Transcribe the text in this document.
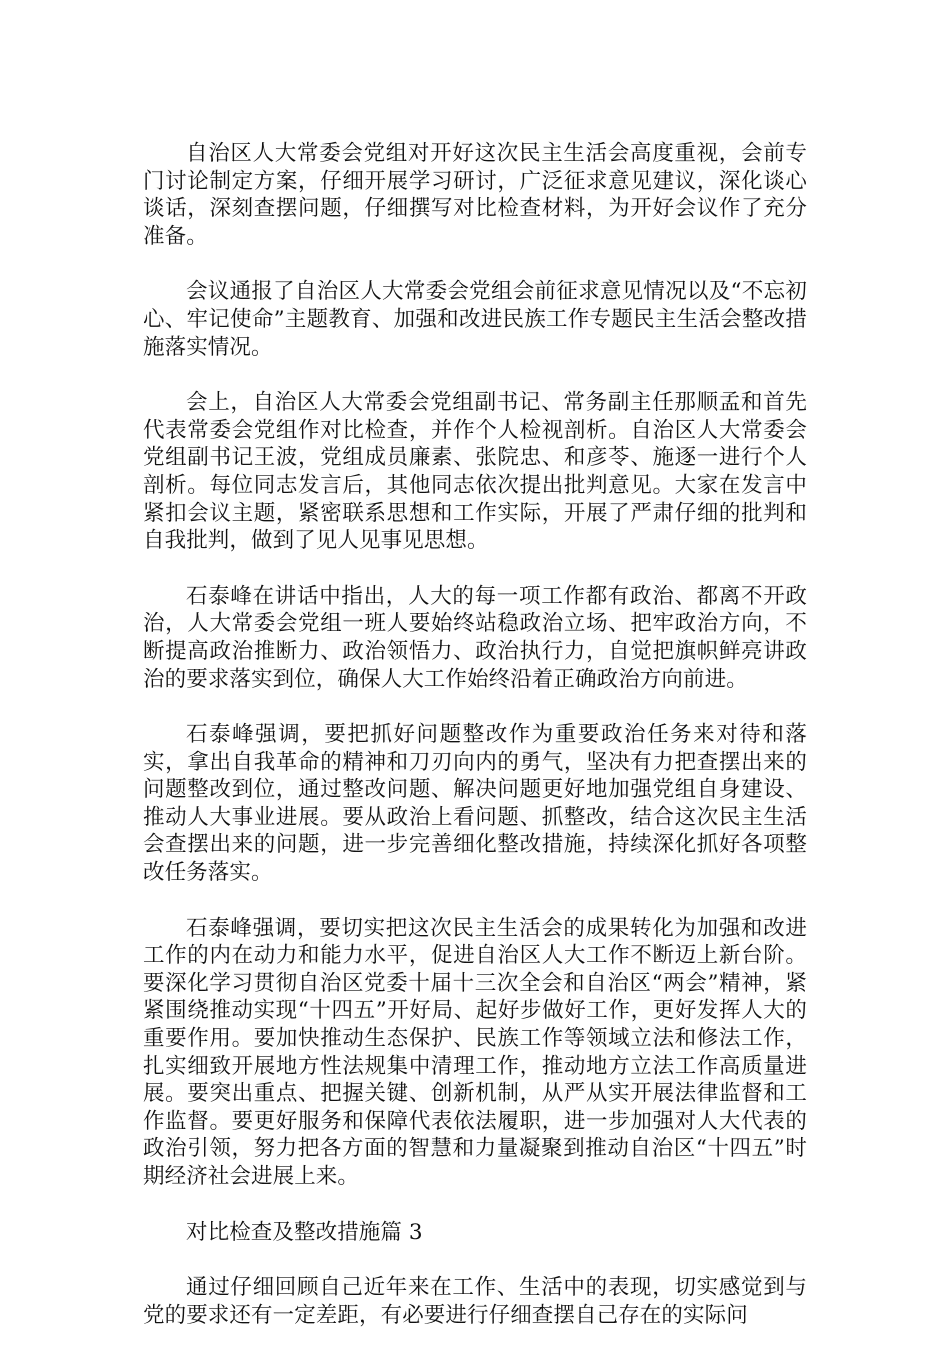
自治区人大常委会党组对开好这次民主生活会高度重视，会前专门讨论制定方案，仔细开展学习研讨，广泛征求意见建议，深化谈心谈话，深刻查摆问题，仔细撰写对比检查材料，为开好会议作了充分准备。

会议通报了自治区人大常委会党组会前征求意见情况以及“不忘初心、牢记使命”主题教育、加强和改进民族工作专题民主生活会整改措施落实情况。

会上，自治区人大常委会党组副书记、常务副主任那顺孟和首先代表常委会党组作对比检查，并作个人检视剖析。自治区人大常委会党组副书记王波，党组成员廉素、张院忠、和彦苓、施逐一进行个人剖析。每位同志发言后，其他同志依次提出批判意见。大家在发言中紧扣会议主题，紧密联系思想和工作实际，开展了严肃仔细的批判和自我批判，做到了见人见事见思想。

石泰峰在讲话中指出，人大的每一项工作都有政治、都离不开政治，人大常委会党组一班人要始终站稳政治立场、把牢政治方向，不断提高政治推断力、政治领悟力、政治执行力，自觉把旗帜鲜亮讲政治的要求落实到位，确保人大工作始终沿着正确政治方向前进。

石泰峰强调，要把抓好问题整改作为重要政治任务来对待和落实，拿出自我革命的精神和刀刃向内的勇气，坚决有力把查摆出来的问题整改到位，通过整改问题、解决问题更好地加强党组自身建设、推动人大事业进展。要从政治上看问题、抓整改，结合这次民主生活会查摆出来的问题，进一步完善细化整改措施，持续深化抓好各项整改任务落实。

石泰峰强调，要切实把这次民主生活会的成果转化为加强和改进工作的内在动力和能力水平，促进自治区人大工作不断迈上新台阶。要深化学习贯彻自治区党委十届十三次全会和自治区“两会”精神，紧紧围绕推动实现“十四五”开好局、起好步做好工作，更好发挥人大的重要作用。要加快推动生态保护、民族工作等领域立法和修法工作，扎实细致开展地方性法规集中清理工作，推动地方立法工作高质量进展。要突出重点、把握关键、创新机制，从严从实开展法律监督和工作监督。要更好服务和保障代表依法履职，进一步加强对人大代表的政治引领，努力把各方面的智慧和力量凝聚到推动自治区“十四五”时期经济社会进展上来。

对比检查及整改措施篇 3

通过仔细回顾自己近年来在工作、生活中的表现，切实感觉到与党的要求还有一定差距，有必要进行仔细查摆自己存在的实际问
